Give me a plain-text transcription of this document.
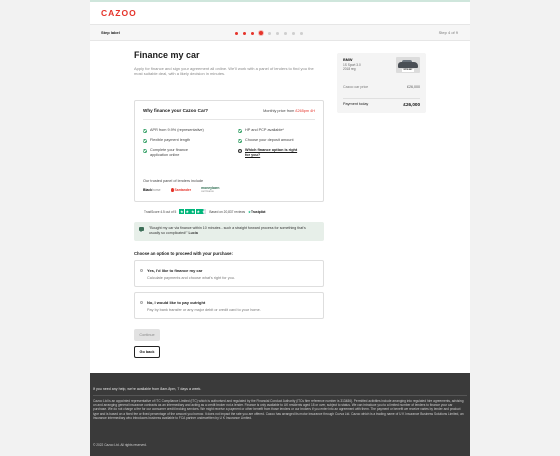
CAZOO
Step label	Step 4 of 9
Finance my car

Apply for finance and sign your agreement all online. We'll work with a panel of lenders to find you the most suitable deal, with a likely decision in minutes.

Why finance your Cazoo Car?	Monthly price from £265pm 4H
APR from 9.9% (representative)	HP and PCP available*
Flexible payment length	Choose your deposit amount
Complete your finance application online
!	Which finance option is right for you?
Our trusted panel of lenders include
Blackhorse	Santander	moneybarn
car finance
TrustScore 4.5 out of 5 ★ ★ ★ ★ ★ Based on 20,837 reviews ★Trustpilot
"Bought my car via finance within 10 minutes - such a straight forward process for something that's usually so complicated!" Lucia
Choose an option to proceed with your purchase:
Yes, I'd like to finance my car
Calculate payments and choose what's right for you.
No, I would like to pay outright
Pay by bank transfer or any major debit or credit card to your home.
Continue
Go back
BMW
1S Sport 3.0
2018 reg	BF18 ABC
Cazoo car price	£26,000
Payment today	£26,000
If you need any help, we're available from 8am-8pm, 7 days a week.
Cazoo Ltd is an appointed representative of ITC Compliance Limited (ITC) which is authorised and regulated by the Financial Conduct Authority (ITCs firm reference number is 313486). Permitted activities include arranging into regulated hire agreements, advising on and arranging general insurance contracts as an intermediary and acting as a credit broker not a lender. Finance is only available to UK residents aged 18 or over, subject to status. We can introduce you to a limited number of lenders to finance your car purchase. We do not charge a fee for our consumer credit broking services. We might receive a payment or other benefit from those lenders or our brokers if you enter into an agreement with them. The payment or benefit we receive varies by lender and product type and is based on a fixed fee or fixed percentage of the amount you borrow. It does not impact the rate you are offered. Cazoo has arranged its motor insurance through Cuvva Ltd. Cazoo which is a trading name of U K Insurance Business Solutions Limited, an insurance intermediary who introduces business available to FCA partner underwritten by U K Insurance Limited.
© 2022 Cazoo Ltd. All rights reserved.
